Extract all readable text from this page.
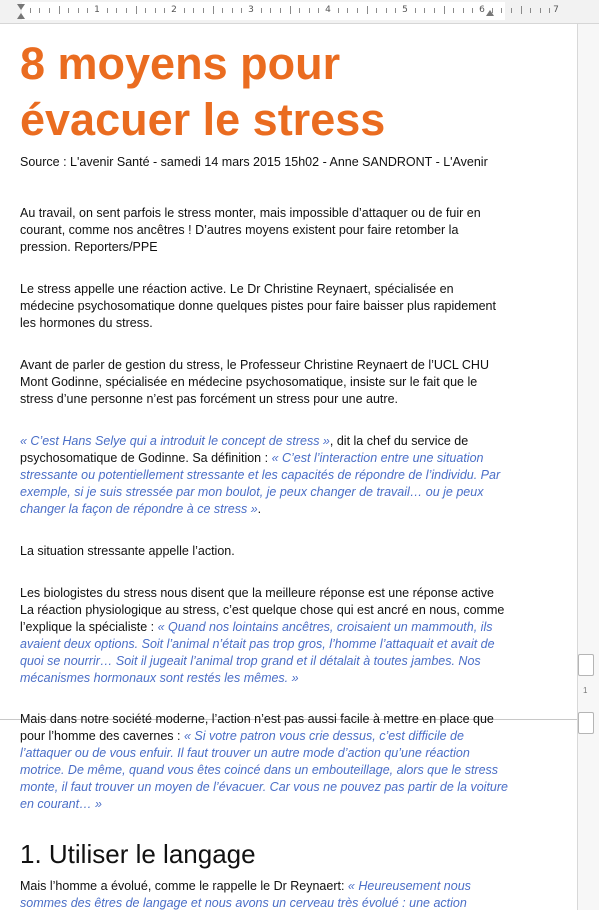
1	2	3	4	5	6	7
1
8 moyens pour évacuer le stress
Source : L'avenir Santé - samedi 14 mars 2015 15h02 - Anne SANDRONT - L'Avenir

Au travail, on sent parfois le stress monter, mais impossible d’attaquer ou de fuir en courant, comme nos ancêtres ! D’autres moyens existent pour faire retomber la pression. Reporters/PPE

Le stress appelle une réaction active. Le Dr Christine Reynaert, spécialisée en médecine psychosomatique donne quelques pistes pour faire baisser plus rapidement les hormones du stress.

Avant de parler de gestion du stress, le Professeur Christine Reynaert de l’UCL CHU Mont Godinne, spécialisée en médecine psychosomatique, insiste sur le fait que le stress d’une personne n’est pas forcément un stress pour une autre.

« C’est Hans Selye qui a introduit le concept de stress », dit la chef du service de psychosomatique de Godinne. Sa définition : « C’est l’interaction entre une situation stressante ou potentiellement stressante et les capacités de répondre de l’individu. Par exemple, si je suis stressée par mon boulot, je peux changer de travail… ou je peux changer la façon de répondre à ce stress ».

La situation stressante appelle l’action.

Les biologistes du stress nous disent que la meilleure réponse est une réponse active La réaction physiologique au stress, c’est quelque chose qui est ancré en nous, comme l’explique la spécialiste : « Quand nos lointains ancêtres, croisaient un mammouth, ils avaient deux options. Soit l’animal n’était pas trop gros, l’homme l’attaquait et avait de quoi se nourrir… Soit il jugeait l’animal trop grand et il détalait à toutes jambes. Nos mécanismes hormonaux sont restés les mêmes. »

Mais dans notre société moderne, l’action n’est pas aussi facile à mettre en place que pour l’homme des cavernes : « Si votre patron vous crie dessus, c’est difficile de l’attaquer ou de vous enfuir. Il faut trouver un autre mode d’action qu’une réaction motrice. De même, quand vous êtes coincé dans un embouteillage, alors que le stress monte, il faut trouver un moyen de l’évacuer. Car vous ne pouvez pas partir de la voiture en courant… »

1. Utiliser le langage

Mais l’homme a évolué, comme le rappelle le Dr Reynaert: « Heureusement nous sommes des êtres de langage et nous avons un cerveau très évolué : une action
